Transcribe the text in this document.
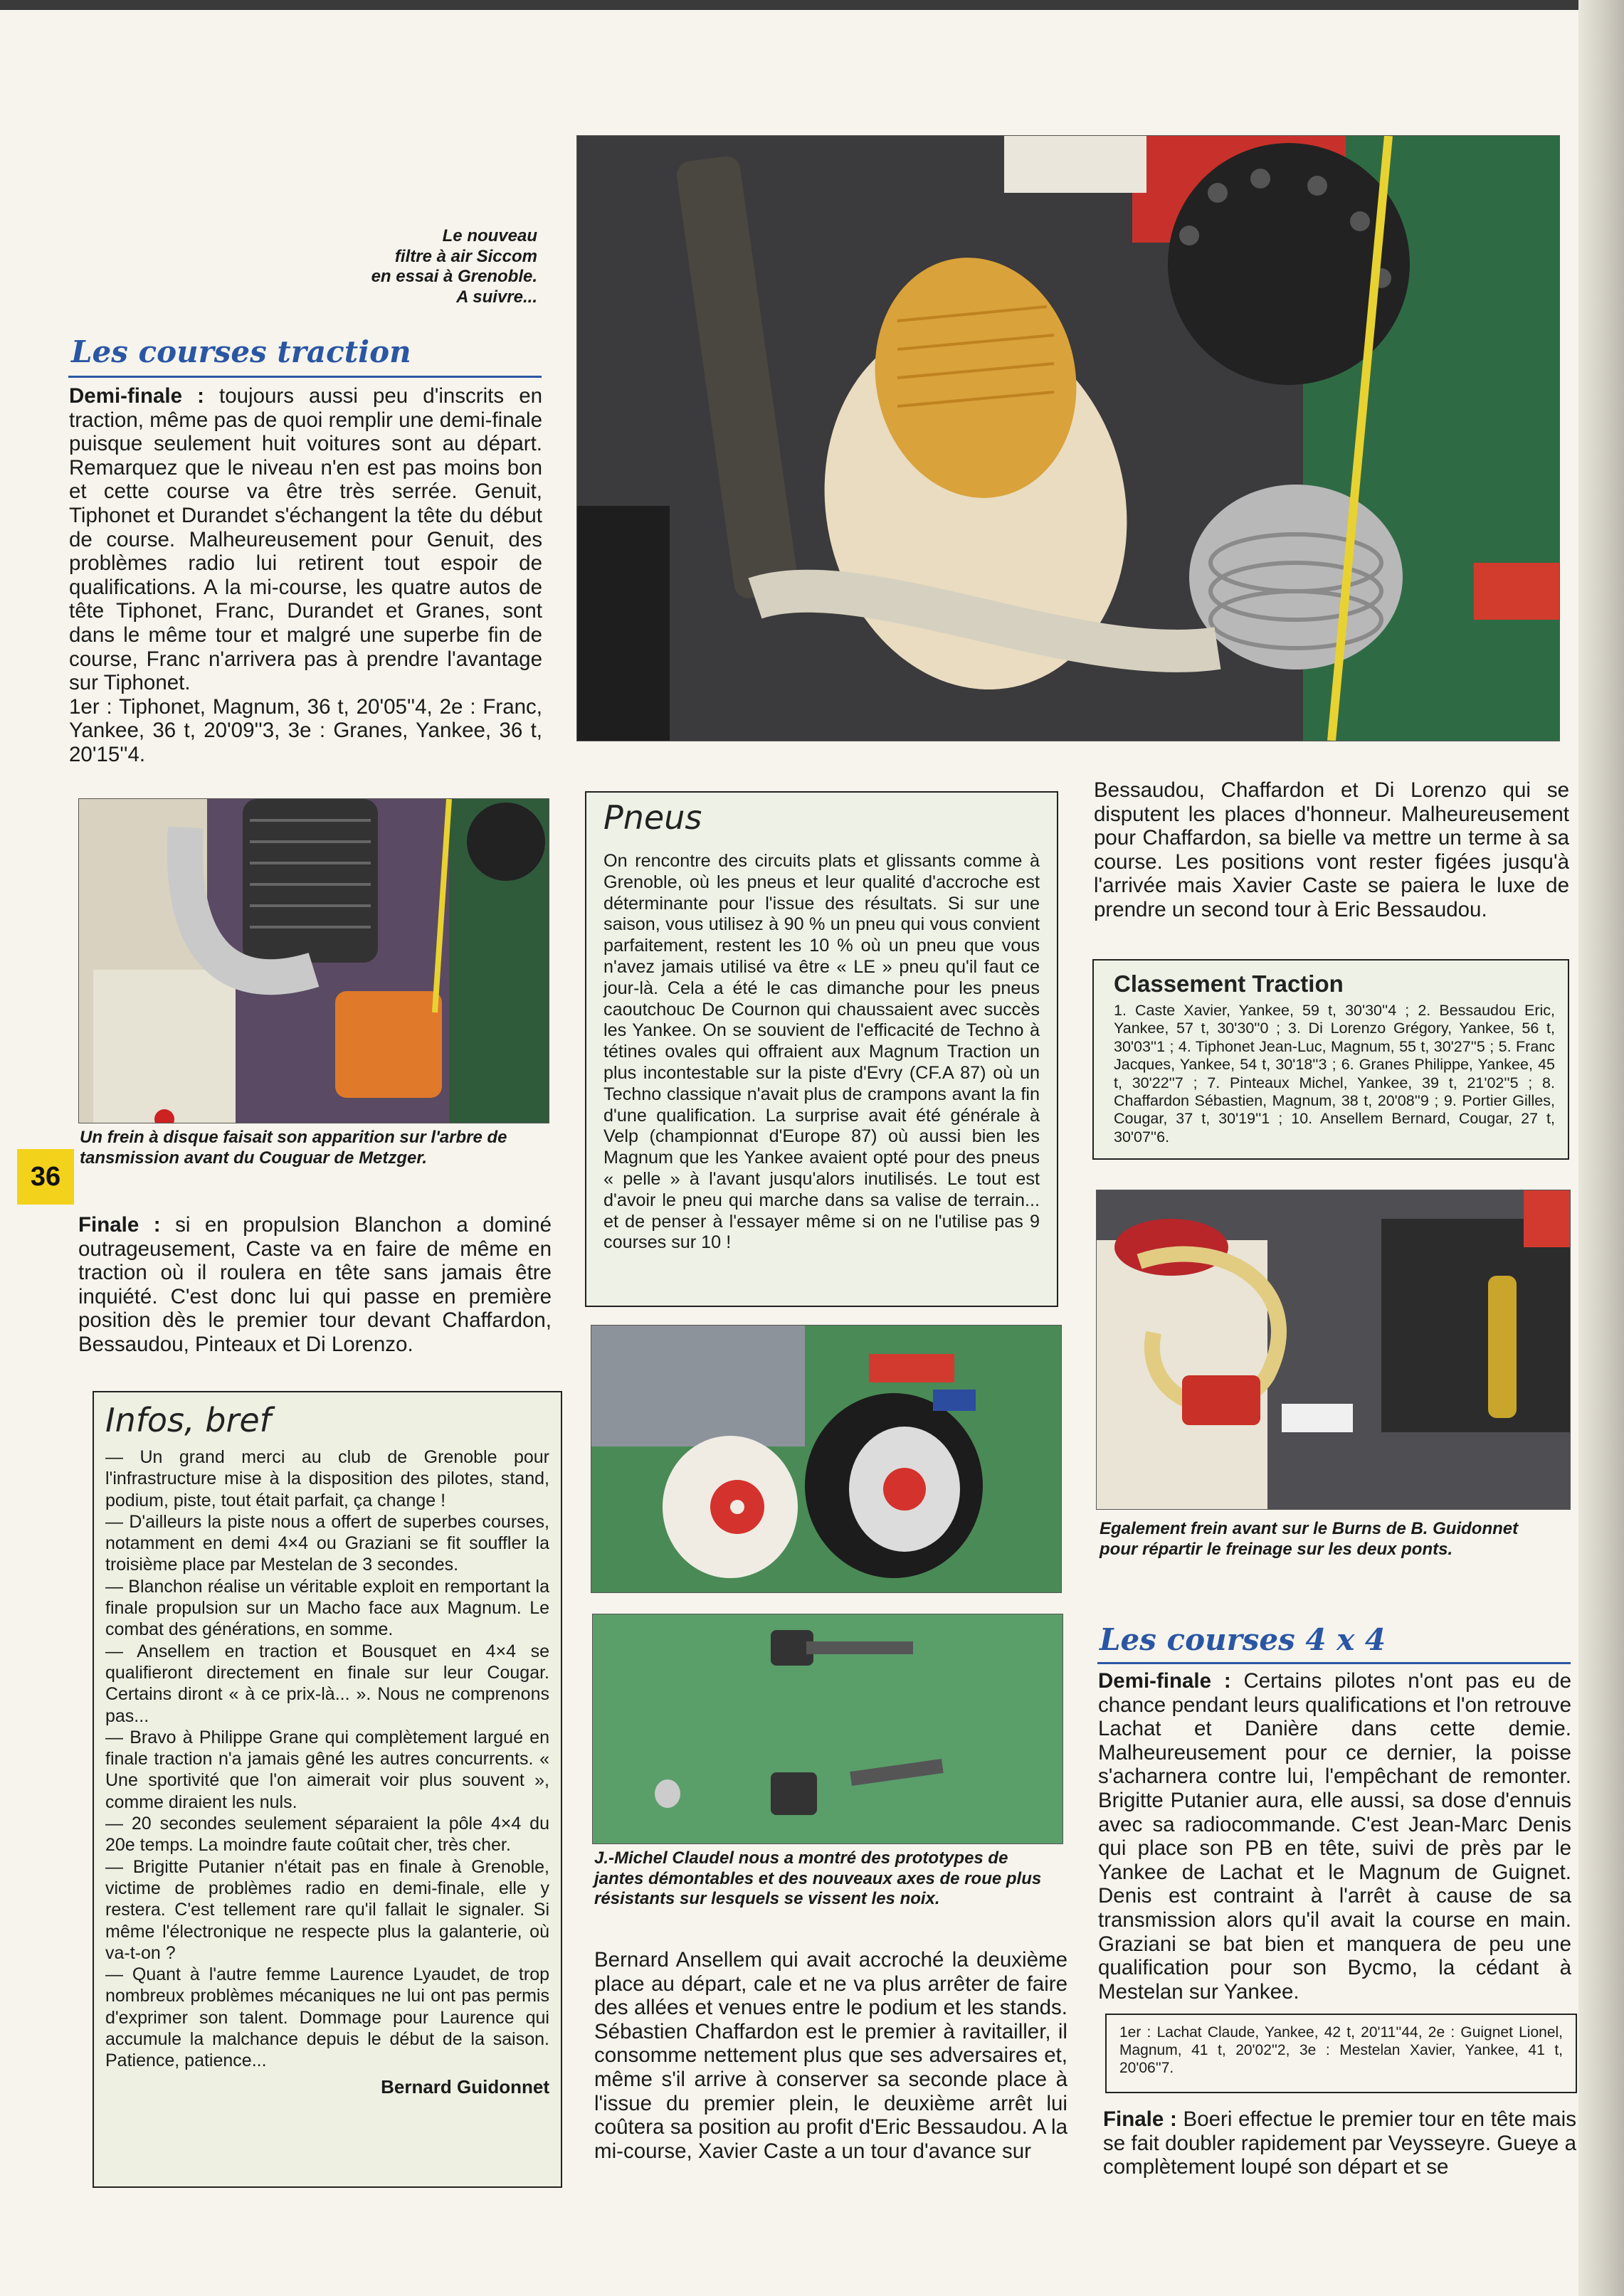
Le nouveau
filtre à air Siccom
en essai à Grenoble.
A suivre...
Les courses traction
Demi-finale : toujours aussi peu d'inscrits en traction, même pas de quoi remplir une demi-finale puisque seulement huit voitures sont au départ. Remarquez que le niveau n'en est pas moins bon et cette course va être très serrée. Genuit, Tiphonet et Durandet s'échangent la tête du début de course. Malheureusement pour Genuit, des problèmes radio lui retirent tout espoir de qualifications. A la mi-course, les quatre autos de tête Tiphonet, Franc, Durandet et Granes, sont dans le même tour et malgré une superbe fin de course, Franc n'arrivera pas à prendre l'avantage sur Tiphonet.
1er : Tiphonet, Magnum, 36 t, 20'05''4, 2e : Franc, Yankee, 36 t, 20'09''3, 3e : Granes, Yankee, 36 t, 20'15''4.
Un frein à disque faisait son apparition sur l'arbre de tansmission avant du Couguar de Metzger.
36
Finale : si en propulsion Blanchon a dominé outrageusement, Caste va en faire de même en traction où il roulera en tête sans jamais être inquiété. C'est donc lui qui passe en première position dès le premier tour devant Chaffardon, Bessaudou, Pinteaux et Di Lorenzo.
Infos, bref
— Un grand merci au club de Grenoble pour l'infrastructure mise à la disposition des pilotes, stand, podium, piste, tout était parfait, ça change !
— D'ailleurs la piste nous a offert de superbes courses, notamment en demi 4×4 ou Graziani se fit souffler la troisième place par Mestelan de 3 secondes.
— Blanchon réalise un véritable exploit en remportant la finale propulsion sur un Macho face aux Magnum. Le combat des générations, en somme.
— Ansellem en traction et Bousquet en 4×4 se qualifieront directement en finale sur leur Cougar. Certains diront « à ce prix-là... ». Nous ne comprenons pas...
— Bravo à Philippe Grane qui complètement largué en finale traction n'a jamais gêné les autres concurrents. « Une sportivité que l'on aimerait voir plus souvent », comme diraient les nuls.
— 20 secondes seulement séparaient la pôle 4×4 du 20e temps. La moindre faute coûtait cher, très cher.
— Brigitte Putanier n'était pas en finale à Grenoble, victime de problèmes radio en demi-finale, elle y restera. C'est tellement rare qu'il fallait le signaler. Si même l'électronique ne respecte plus la galanterie, où va-t-on ?
— Quant à l'autre femme Laurence Lyaudet, de trop nombreux problèmes mécaniques ne lui ont pas permis d'exprimer son talent. Dommage pour Laurence qui accumule la malchance depuis le début de la saison. Patience, patience...
Bernard Guidonnet
Pneus
On rencontre des circuits plats et glissants comme à Grenoble, où les pneus et leur qualité d'accroche est déterminante pour l'issue des résultats. Si sur une saison, vous utilisez à 90 % un pneu qui vous convient parfaitement, restent les 10 % où un pneu que vous n'avez jamais utilisé va être « LE » pneu qu'il faut ce jour-là. Cela a été le cas dimanche pour les pneus caoutchouc De Cournon qui chaussaient avec succès les Yankee. On se souvient de l'efficacité de Techno à tétines ovales qui offraient aux Magnum Traction un plus incontestable sur la piste d'Evry (CF.A 87) où un Techno classique n'avait plus de crampons avant la fin d'une qualification. La surprise avait été générale à Velp (championnat d'Europe 87) où aussi bien les Magnum que les Yankee avaient opté pour des pneus « pelle » à l'avant jusqu'alors inutilisés. Le tout est d'avoir le pneu qui marche dans sa valise de terrain... et de penser à l'essayer même si on ne l'utilise pas 9 courses sur 10 !
J.-Michel Claudel nous a montré des prototypes de jantes démontables et des nouveaux axes de roue plus résistants sur lesquels se vissent les noix.
Bernard Ansellem qui avait accroché la deuxième place au départ, cale et ne va plus arrêter de faire des allées et venues entre le podium et les stands. Sébastien Chaffardon est le premier à ravitailler, il consomme nettement plus que ses adversaires et, même s'il arrive à conserver sa seconde place à l'issue du premier plein, le deuxième arrêt lui coûtera sa position au profit d'Eric Bessaudou. A la mi-course, Xavier Caste a un tour d'avance sur
Bessaudou, Chaffardon et Di Lorenzo qui se disputent les places d'honneur. Malheureusement pour Chaffardon, sa bielle va mettre un terme à sa course. Les positions vont rester figées jusqu'à l'arrivée mais Xavier Caste se paiera le luxe de prendre un second tour à Eric Bessaudou.
Classement Traction
1. Caste Xavier, Yankee, 59 t, 30'30''4 ; 2. Bessaudou Eric, Yankee, 57 t, 30'30''0 ; 3. Di Lorenzo Grégory, Yankee, 56 t, 30'03''1 ; 4. Tiphonet Jean-Luc, Magnum, 55 t, 30'27''5 ; 5. Franc Jacques, Yankee, 54 t, 30'18''3 ; 6. Granes Philippe, Yankee, 45 t, 30'22''7 ; 7. Pinteaux Michel, Yankee, 39 t, 21'02''5 ; 8. Chaffardon Sébastien, Magnum, 38 t, 20'08''9 ; 9. Portier Gilles, Cougar, 37 t, 30'19''1 ; 10. Ansellem Bernard, Cougar, 27 t, 30'07''6.
Egalement frein avant sur le Burns de B. Guidonnet pour répartir le freinage sur les deux ponts.
Les courses 4 x 4
Demi-finale : Certains pilotes n'ont pas eu de chance pendant leurs qualifications et l'on retrouve Lachat et Danière dans cette demie. Malheureusement pour ce dernier, la poisse s'acharnera contre lui, l'empêchant de remonter. Brigitte Putanier aura, elle aussi, sa dose d'ennuis avec sa radiocommande. C'est Jean-Marc Denis qui place son PB en tête, suivi de près par le Yankee de Lachat et le Magnum de Guignet. Denis est contraint à l'arrêt à cause de sa transmission alors qu'il avait la course en main. Graziani se bat bien et manquera de peu une qualification pour son Bycmo, la cédant à Mestelan sur Yankee.
1er : Lachat Claude, Yankee, 42 t, 20'11''44, 2e : Guignet Lionel, Magnum, 41 t, 20'02''2, 3e : Mestelan Xavier, Yankee, 41 t, 20'06''7.
Finale : Boeri effectue le premier tour en tête mais se fait doubler rapidement par Veysseyre. Gueye a complètement loupé son départ et se
